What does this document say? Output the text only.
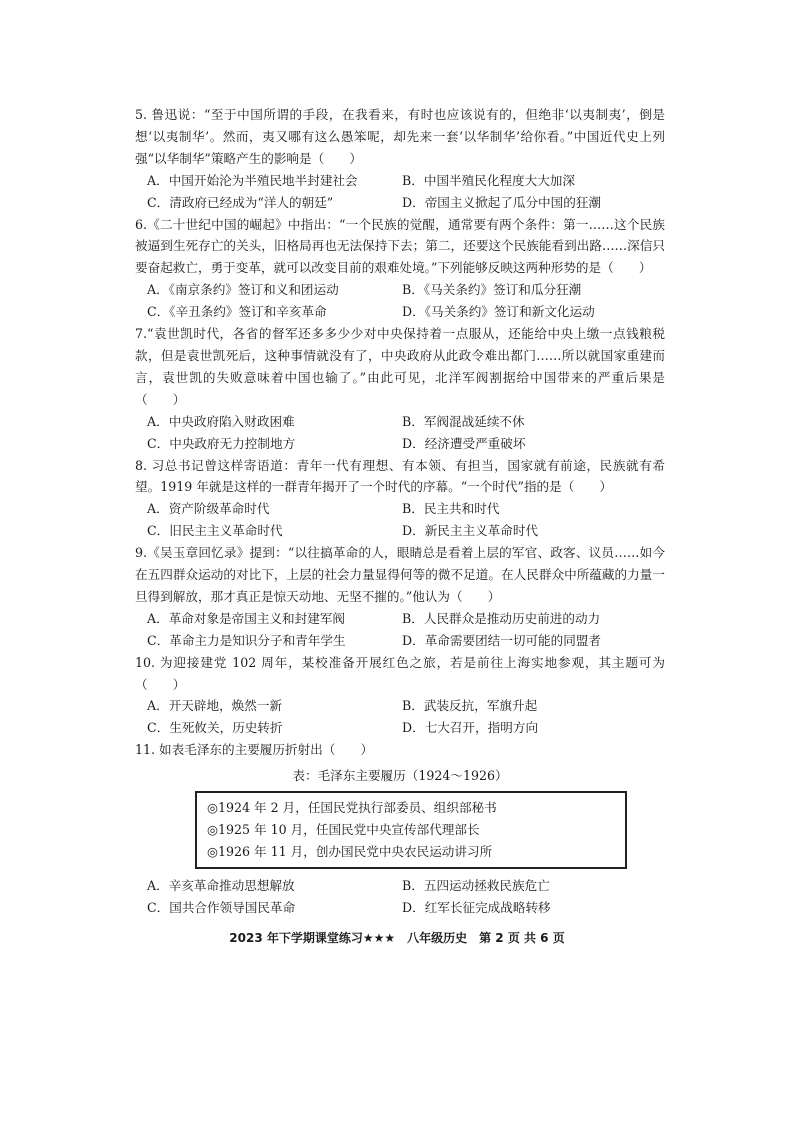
5. 鲁迅说：“至于中国所谓的手段，在我看来，有时也应该说有的，但绝非‘以夷制夷’，倒是想‘以夷制华’。然而，夷又哪有这么愚笨呢，却先来一套‘以华制华’给你看。”中国近代史上列强“以华制华”策略产生的影响是（　　）

A．中国开始沦为半殖民地半封建社会	B．中国半殖民化程度大大加深
C．清政府已经成为“洋人的朝廷”	D．帝国主义掀起了瓜分中国的狂潮

6.《二十世纪中国的崛起》中指出：“一个民族的觉醒，通常要有两个条件：第一……这个民族被逼到生死存亡的关头，旧格局再也无法保持下去；第二，还要这个民族能看到出路……深信只要奋起救亡，勇于变革，就可以改变目前的艰难处境。”下列能够反映这两种形势的是（　　）

A．《南京条约》签订和义和团运动	B．《马关条约》签订和瓜分狂潮
C．《辛丑条约》签订和辛亥革命	D．《马关条约》签订和新文化运动

7.“袁世凯时代，各省的督军还多多少少对中央保持着一点服从，还能给中央上缴一点钱粮税款，但是袁世凯死后，这种事情就没有了，中央政府从此政令难出都门……所以就国家重建而言，袁世凯的失败意味着中国也输了。”由此可见，北洋军阀割据给中国带来的严重后果是（　　）

A．中央政府陷入财政困难	B．军阀混战延续不休
C．中央政府无力控制地方	D．经济遭受严重破坏

8. 习总书记曾这样寄语道：青年一代有理想、有本领、有担当，国家就有前途，民族就有希望。1919 年就是这样的一群青年揭开了一个时代的序幕。“一个时代”指的是（　　）

A．资产阶级革命时代	B．民主共和时代
C．旧民主主义革命时代	D．新民主主义革命时代

9.《吴玉章回忆录》提到：“以往搞革命的人，眼睛总是看着上层的军官、政客、议员……如今在五四群众运动的对比下，上层的社会力量显得何等的微不足道。在人民群众中所蕴藏的力量一旦得到解放，那才真正是惊天动地、无坚不摧的。”他认为（　　）

A．革命对象是帝国主义和封建军阀	B．人民群众是推动历史前进的动力
C．革命主力是知识分子和青年学生	D．革命需要团结一切可能的同盟者

10. 为迎接建党 102 周年，某校准备开展红色之旅，若是前往上海实地参观，其主题可为（　　）

A．开天辟地，焕然一新	B．武装反抗，军旗升起
C．生死攸关，历史转折	D．七大召开，指明方向

11. 如表毛泽东的主要履历折射出（　　）

表：毛泽东主要履历（1924～1926）
◎1924 年 2 月，任国民党执行部委员、组织部秘书
◎1925 年 10 月，任国民党中央宣传部代理部长
◎1926 年 11 月，创办国民党中央农民运动讲习所
A．辛亥革命推动思想解放	B．五四运动拯救民族危亡
C．国共合作领导国民革命	D．红军长征完成战略转移
2023 年下学期课堂练习★★★　八年级历史　第 2 页 共 6 页
